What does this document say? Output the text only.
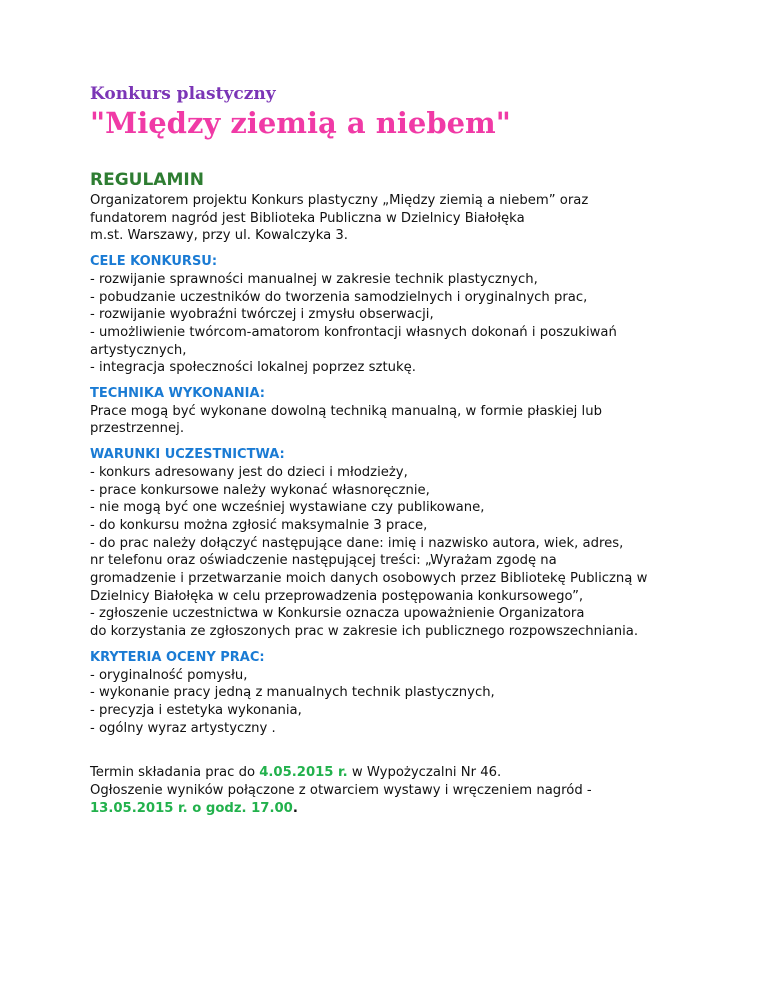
Konkurs plastyczny
"Między ziemią a niebem"
REGULAMIN
Organizatorem projektu Konkurs plastyczny „Między ziemią a niebem” oraz
fundatorem nagród jest Biblioteka Publiczna w Dzielnicy Białołęka
m.st. Warszawy, przy ul. Kowalczyka 3.
CELE KONKURSU:
- rozwijanie sprawności manualnej w zakresie technik plastycznych,
- pobudzanie uczestników do tworzenia samodzielnych i oryginalnych prac,
- rozwijanie wyobraźni twórczej i zmysłu obserwacji,
- umożliwienie twórcom-amatorom konfrontacji własnych dokonań i poszukiwań
artystycznych,
- integracja społeczności lokalnej poprzez sztukę.
TECHNIKA WYKONANIA:
Prace mogą być wykonane dowolną techniką manualną, w formie płaskiej lub
przestrzennej.
WARUNKI UCZESTNICTWA:
- konkurs adresowany jest do dzieci i młodzieży,
- prace konkursowe należy wykonać własnoręcznie,
- nie mogą być one wcześniej wystawiane czy publikowane,
- do konkursu można zgłosić maksymalnie 3 prace,
- do prac należy dołączyć następujące dane: imię i nazwisko autora, wiek, adres,
nr telefonu oraz oświadczenie następującej treści: „Wyrażam zgodę na
gromadzenie i przetwarzanie moich danych osobowych przez Bibliotekę Publiczną w
Dzielnicy Białołęka w celu przeprowadzenia postępowania konkursowego”,
- zgłoszenie uczestnictwa w Konkursie oznacza upoważnienie Organizatora
do korzystania ze zgłoszonych prac w zakresie ich publicznego rozpowszechniania.
KRYTERIA OCENY PRAC:
- oryginalność pomysłu,
- wykonanie pracy jedną z manualnych technik plastycznych,
- precyzja i estetyka wykonania,
- ogólny wyraz artystyczny .
Termin składania prac do 4.05.2015 r. w Wypożyczalni Nr 46.
Ogłoszenie wyników połączone z otwarciem wystawy i wręczeniem nagród -
13.05.2015 r. o godz. 17.00.
